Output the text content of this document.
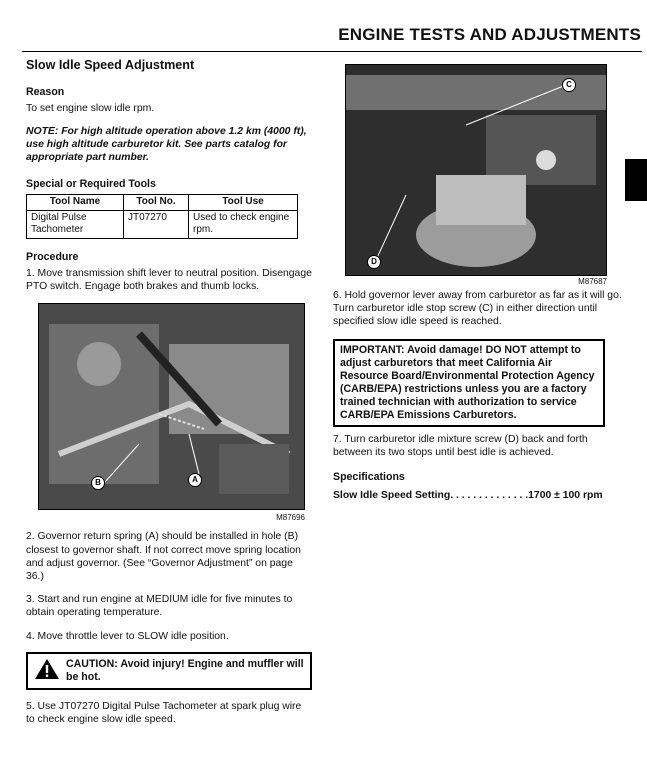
ENGINE TESTS AND ADJUSTMENTS
Slow Idle Speed Adjustment
Reason

To set engine slow idle rpm.

NOTE: For high altitude operation above 1.2 km (4000 ft), use high altitude carburetor kit. See parts catalog for appropriate part number.

Special or Required Tools
Tool Name	Tool No.	Tool Use
Digital Pulse Tachometer	JT07270	Used to check engine rpm.
Procedure

1. Move transmission shift lever to neutral position. Disengage PTO switch. Engage both brakes and thumb locks.

B	A
M87696

2. Governor return spring (A) should be installed in hole (B) closest to governor shaft. If not correct move spring location and adjust governor. (See “Governor Adjustment” on page 36.)

3. Start and run engine at MEDIUM idle for five minutes to obtain operating temperature.

4. Move throttle lever to SLOW idle position.

CAUTION: Avoid injury! Engine and muffler will be hot.

5. Use JT07270 Digital Pulse Tachometer at spark plug wire to check engine slow idle speed.

C
D
M87687

6. Hold governor lever away from carburetor as far as it will go. Turn carburetor idle stop screw (C) in either direction until specified slow idle speed is reached.

IMPORTANT: Avoid damage! DO NOT attempt to adjust carburetors that meet California Air Resource Board/Environmental Protection Agency (CARB/EPA) restrictions unless you are a factory trained technician with authorization to service CARB/EPA Emissions Carburetors.

7. Turn carburetor idle mixture screw (D) back and forth between its two stops until best idle is achieved.

Specifications

Slow Idle Speed Setting. . . . . . . . . . . . . .1700 ± 100 rpm
